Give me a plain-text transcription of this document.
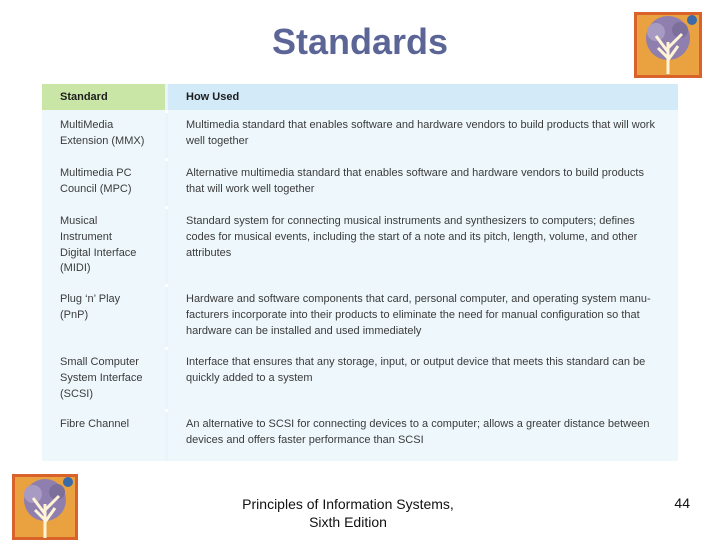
Standards
Standard	How Used
MultiMedia
Extension (MMX)
Multimedia standard that enables software and hardware vendors to build products that will work
well together
Multimedia PC
Council (MPC)
Alternative multimedia standard that enables software and hardware vendors to build products
that will work well together
Musical
Instrument
Digital Interface
(MIDI)
Standard system for connecting musical instruments and synthesizers to computers; defines
codes for musical events, including the start of a note and its pitch, length, volume, and other
attributes
Plug ‘n’ Play
(PnP)
Hardware and software components that card, personal computer, and operating system manu-
facturers incorporate into their products to eliminate the need for manual configuration so that
hardware can be installed and used immediately
Small Computer
System Interface
(SCSI)
Interface that ensures that any storage, input, or output device that meets this standard can be
quickly added to a system
Fibre Channel	An alternative to SCSI for connecting devices to a computer; allows a greater distance between
devices and offers faster performance than SCSI
Principles of Information Systems,
Sixth Edition
44
